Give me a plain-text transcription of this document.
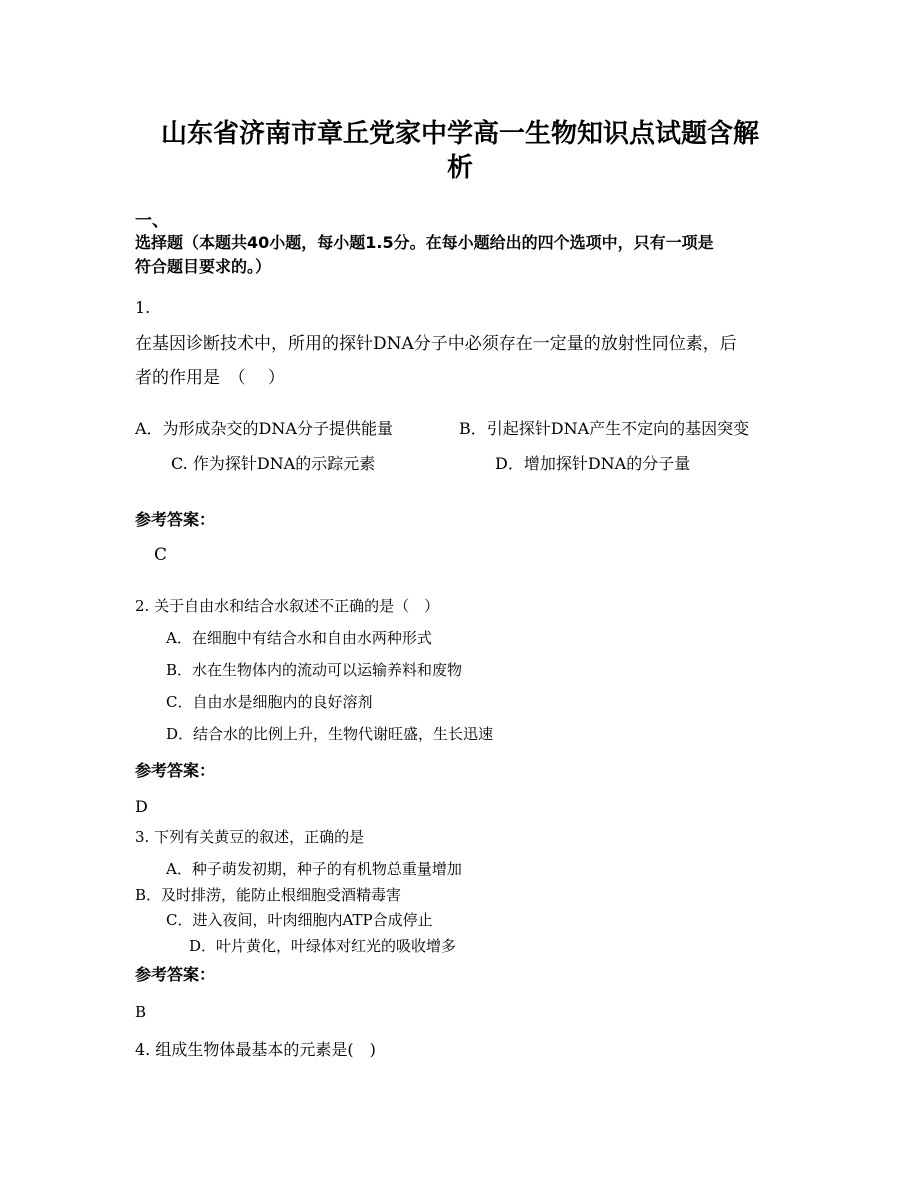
山东省济南市章丘党家中学高一生物知识点试题含解
析
一、
选择题（本题共40小题，每小题1.5分。在每小题给出的四个选项中，只有一项是
符合题目要求的。）
1.
在基因诊断技术中，所用的探针DNA分子中必须存在一定量的放射性同位素，后
者的作用是　（　 ）
A．为形成杂交的DNA分子提供能量	B．引起探针DNA产生不定向的基因突变
C. 作为探针DNA的示踪元素	D．增加探针DNA的分子量
参考答案：
C
2. 关于自由水和结合水叙述不正确的是（　）
A．在细胞中有结合水和自由水两种形式
B．水在生物体内的流动可以运输养料和废物
C．自由水是细胞内的良好溶剂
D．结合水的比例上升，生物代谢旺盛，生长迅速
参考答案：
D
3. 下列有关黄豆的叙述，正确的是
A．种子萌发初期，种子的有机物总重量增加
B．及时排涝，能防止根细胞受酒精毒害
C．进入夜间，叶肉细胞内ATP合成停止
D．叶片黄化，叶绿体对红光的吸收增多
参考答案：
B
4. 组成生物体最基本的元素是(　)
